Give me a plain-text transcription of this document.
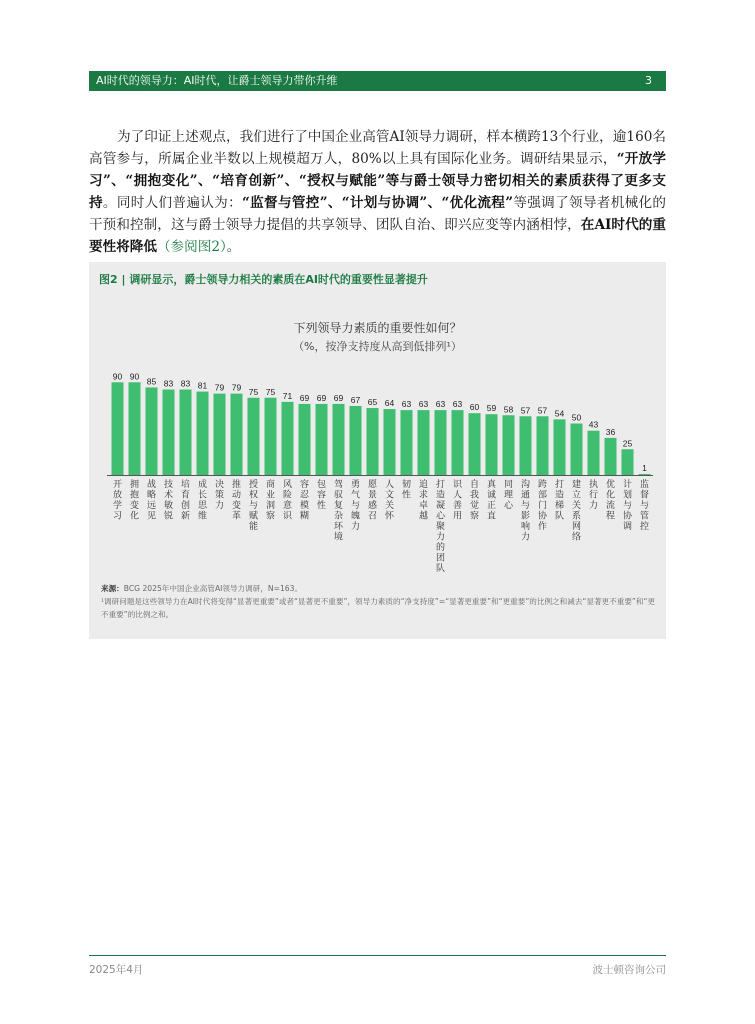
AI时代的领导力：AI时代，让爵士领导力带你升维	3
为了印证上述观点，我们进行了中国企业高管AI领导力调研，样本横跨13个行业，逾160名高管参与，所属企业半数以上规模超万人，80%以上具有国际化业务。调研结果显示，“开放学习”、“拥抱变化”、“培育创新”、“授权与赋能”等与爵士领导力密切相关的素质获得了更多支持。同时人们普遍认为：“监督与管控”、“计划与协调”、“优化流程”等强调了领导者机械化的干预和控制，这与爵士领导力提倡的共享领导、团队自治、即兴应变等内涵相悖，在AI时代的重要性将降低（参阅图2）。
图2 | 调研显示，爵士领导力相关的素质在AI时代的重要性显著提升
下列领导力素质的重要性如何？
（%，按净支持度从高到低排列¹）
90
开放学习
90
拥抱变化
85
战略远见
83
技术敏锐
83
培育创新
81
成长思维
79
决策力
79
推动变革
75
授权与赋能
75
商业洞察
71
风险意识
69
容忍模糊
69
包容性
69
驾驭复杂环境
67
勇气与魄力
65
愿景感召
64
人文关怀
63
韧性
63
追求卓越
63
打造凝心聚力的团队
63
识人善用
60
自我觉察
59
真诚正直
58
同理心
57
沟通与影响力
57
跨部门协作
54
打造梯队
50
建立关系网络
43
执行力
36
优化流程
25
计划与协调
1
监督与管控
来源：BCG 2025年中国企业高管AI领导力调研，N=163。
¹调研问题是这些领导力在AI时代将变得“显著更重要”或者“显著更不重要”，领导力素质的“净支持度”=“显著更重要”和“更重要”的比例之和减去“显著更不重要”和“更不重要”的比例之和。
2025年4月	波士顿咨询公司
